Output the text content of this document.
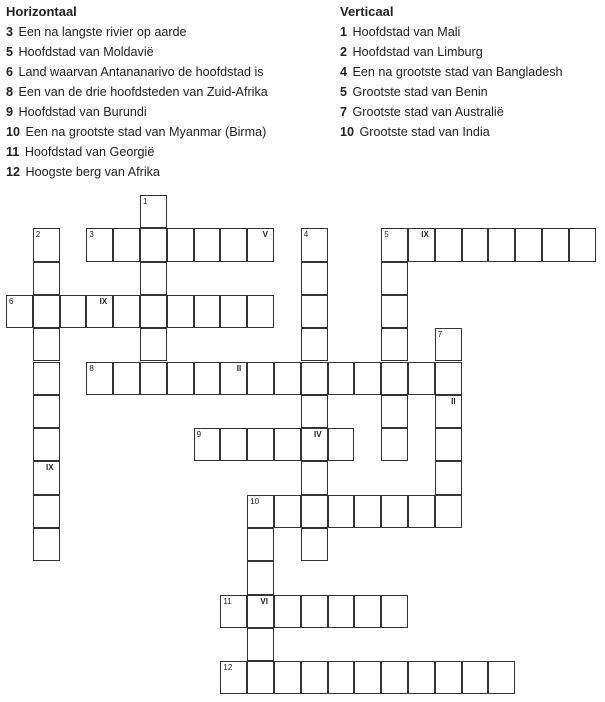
Horizontaal
3 Een na langste rivier op aarde
5 Hoofdstad van Moldavië
6 Land waarvan Antananarivo de hoofdstad is
8 Een van de drie hoofdsteden van Zuid-Afrika
9 Hoofdstad van Burundi
10 Een na grootste stad van Myanmar (Birma)
11 Hoofdstad van Georgië
12 Hoogste berg van Afrika
Verticaal
1 Hoofdstad van Mali
2 Hoofdstad van Limburg
4 Een na grootste stad van Bangladesh
5 Grootste stad van Benin
7 Grootste stad van Australië
10 Grootste stad van India
3	V	5	IX
6	IX
8	II
9	IV
10
11	VI
12
1
2
IX
4
7
II
